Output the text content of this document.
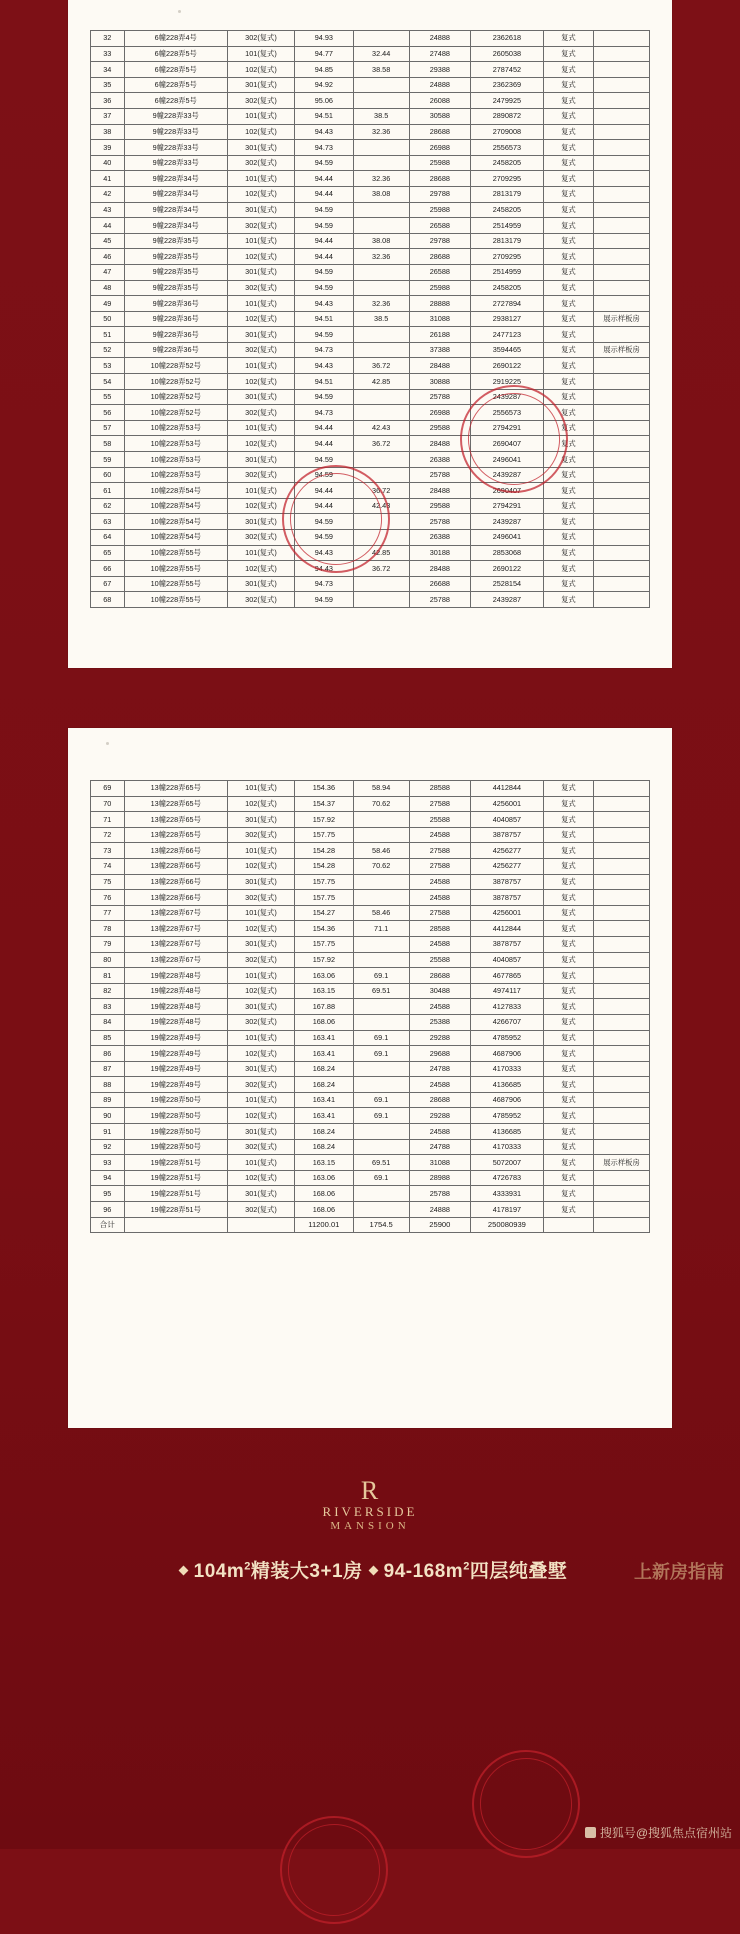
32	6幢228弄4号	302(复式)	94.93		24888	2362618	复式	
33	6幢228弄5号	101(复式)	94.77	32.44	27488	2605038	复式	
34	6幢228弄5号	102(复式)	94.85	38.58	29388	2787452	复式	
35	6幢228弄5号	301(复式)	94.92		24888	2362369	复式	
36	6幢228弄5号	302(复式)	95.06		26088	2479925	复式	
37	9幢228弄33号	101(复式)	94.51	38.5	30588	2890872	复式	
38	9幢228弄33号	102(复式)	94.43	32.36	28688	2709008	复式	
39	9幢228弄33号	301(复式)	94.73		26988	2556573	复式	
40	9幢228弄33号	302(复式)	94.59		25988	2458205	复式	
41	9幢228弄34号	101(复式)	94.44	32.36	28688	2709295	复式	
42	9幢228弄34号	102(复式)	94.44	38.08	29788	2813179	复式	
43	9幢228弄34号	301(复式)	94.59		25988	2458205	复式	
44	9幢228弄34号	302(复式)	94.59		26588	2514959	复式	
45	9幢228弄35号	101(复式)	94.44	38.08	29788	2813179	复式	
46	9幢228弄35号	102(复式)	94.44	32.36	28688	2709295	复式	
47	9幢228弄35号	301(复式)	94.59		26588	2514959	复式	
48	9幢228弄35号	302(复式)	94.59		25988	2458205	复式	
49	9幢228弄36号	101(复式)	94.43	32.36	28888	2727894	复式	
50	9幢228弄36号	102(复式)	94.51	38.5	31088	2938127	复式	展示样板房
51	9幢228弄36号	301(复式)	94.59		26188	2477123	复式	
52	9幢228弄36号	302(复式)	94.73		37388	3594465	复式	展示样板房
53	10幢228弄52号	101(复式)	94.43	36.72	28488	2690122	复式	
54	10幢228弄52号	102(复式)	94.51	42.85	30888	2919225	复式	
55	10幢228弄52号	301(复式)	94.59		25788	2439287	复式	
56	10幢228弄52号	302(复式)	94.73		26988	2556573	复式	
57	10幢228弄53号	101(复式)	94.44	42.43	29588	2794291	复式	
58	10幢228弄53号	102(复式)	94.44	36.72	28488	2690407	复式	
59	10幢228弄53号	301(复式)	94.59		26388	2496041	复式	
60	10幢228弄53号	302(复式)	94.59		25788	2439287	复式	
61	10幢228弄54号	101(复式)	94.44	36.72	28488	2690407	复式	
62	10幢228弄54号	102(复式)	94.44	42.43	29588	2794291	复式	
63	10幢228弄54号	301(复式)	94.59		25788	2439287	复式	
64	10幢228弄54号	302(复式)	94.59		26388	2496041	复式	
65	10幢228弄55号	101(复式)	94.43	42.85	30188	2853068	复式	
66	10幢228弄55号	102(复式)	94.43	36.72	28488	2690122	复式	
67	10幢228弄55号	301(复式)	94.73		26688	2528154	复式	
68	10幢228弄55号	302(复式)	94.59		25788	2439287	复式	
69	13幢228弄65号	101(复式)	154.36	58.94	28588	4412844	复式	
70	13幢228弄65号	102(复式)	154.37	70.62	27588	4256001	复式	
71	13幢228弄65号	301(复式)	157.92		25588	4040857	复式	
72	13幢228弄65号	302(复式)	157.75		24588	3878757	复式	
73	13幢228弄66号	101(复式)	154.28	58.46	27588	4256277	复式	
74	13幢228弄66号	102(复式)	154.28	70.62	27588	4256277	复式	
75	13幢228弄66号	301(复式)	157.75		24588	3878757	复式	
76	13幢228弄66号	302(复式)	157.75		24588	3878757	复式	
77	13幢228弄67号	101(复式)	154.27	58.46	27588	4256001	复式	
78	13幢228弄67号	102(复式)	154.36	71.1	28588	4412844	复式	
79	13幢228弄67号	301(复式)	157.75		24588	3878757	复式	
80	13幢228弄67号	302(复式)	157.92		25588	4040857	复式	
81	19幢228弄48号	101(复式)	163.06	69.1	28688	4677865	复式	
82	19幢228弄48号	102(复式)	163.15	69.51	30488	4974117	复式	
83	19幢228弄48号	301(复式)	167.88		24588	4127833	复式	
84	19幢228弄48号	302(复式)	168.06		25388	4266707	复式	
85	19幢228弄49号	101(复式)	163.41	69.1	29288	4785952	复式	
86	19幢228弄49号	102(复式)	163.41	69.1	29688	4687906	复式	
87	19幢228弄49号	301(复式)	168.24		24788	4170333	复式	
88	19幢228弄49号	302(复式)	168.24		24588	4136685	复式	
89	19幢228弄50号	101(复式)	163.41	69.1	28688	4687906	复式	
90	19幢228弄50号	102(复式)	163.41	69.1	29288	4785952	复式	
91	19幢228弄50号	301(复式)	168.24		24588	4136685	复式	
92	19幢228弄50号	302(复式)	168.24		24788	4170333	复式	
93	19幢228弄51号	101(复式)	163.15	69.51	31088	5072007	复式	展示样板房
94	19幢228弄51号	102(复式)	163.06	69.1	28988	4726783	复式	
95	19幢228弄51号	301(复式)	168.06		25788	4333931	复式	
96	19幢228弄51号	302(复式)	168.06		24888	4178197	复式	
合计			11200.01	1754.5	25900	250080939		
R
RIVERSIDE
MANSION
上新房指南
$104m^2$精装大3+1房 $94-168m^2$四层纯叠墅
搜狐号@搜狐焦点宿州站
